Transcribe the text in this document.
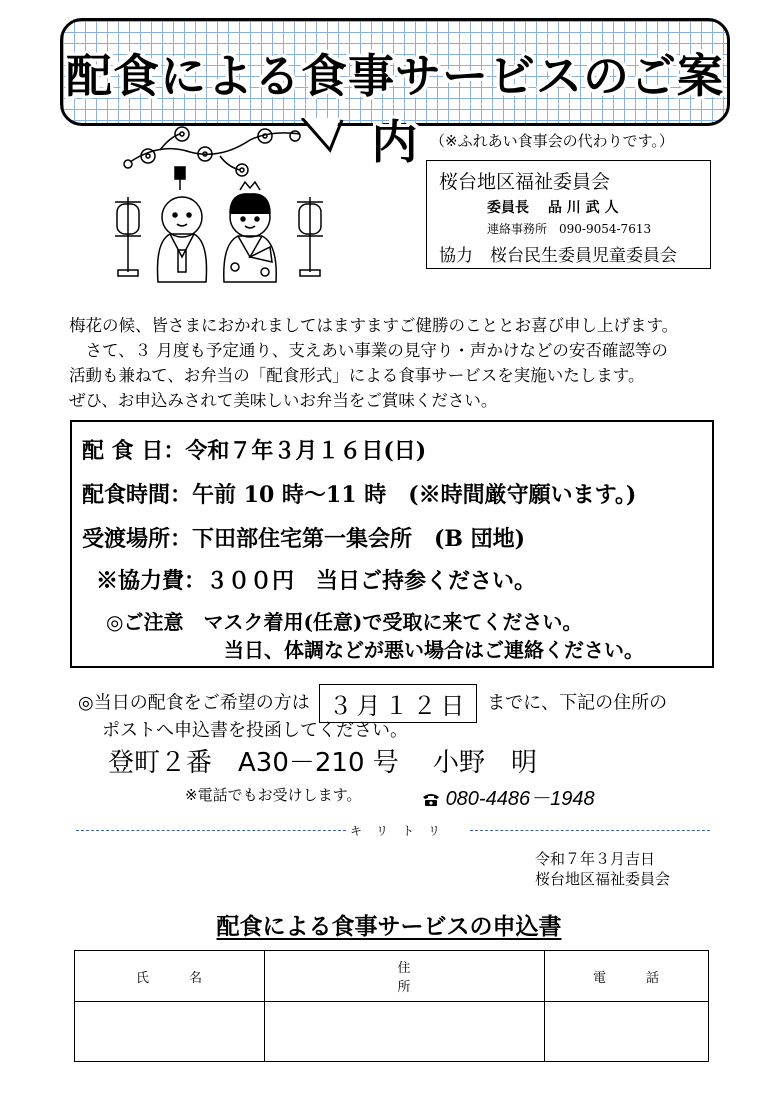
配食による食事サービスのご案内 （※ふれあい食事会の代わりです。）
桜台地区福祉委員会
委員長　 品 川 武 人
連絡事務所　090-9054-7613
協力　桜台民生委員児童委員会
梅花の候、皆さまにおかれましてはますますご健勝のこととお喜び申し上げます。
　さて、３ 月度も予定通り、支えあい事業の見守り・声かけなどの安否確認等の
活動も兼ねて、お弁当の「配食形式」による食事サービスを実施いたします。
ぜひ、お申込みされて美味しいお弁当をご賞味ください。
配 食 日：令和７年３月１６日(日)
配食時間：午前 10 時～11 時　(※時間厳守願います。)
受渡場所：下田部住宅第一集会所　(B 団地)
※協力費：３００円　当日ご持参ください。
◎ご注意　マスク着用(任意)で受取に来てください。
当日、体調などが悪い場合はご連絡ください。
◎当日の配食をご希望の方は ３月１２日 までに、下記の住所の
ポストへ申込書を投函してください。
登町２番　A30－210 号　 小野　明
※電話でもお受けします。	080-4486－1948
キリトリ
令和７年３月吉日
桜台地区福祉委員会
配食による食事サービスの申込書
氏名	住所	電話
